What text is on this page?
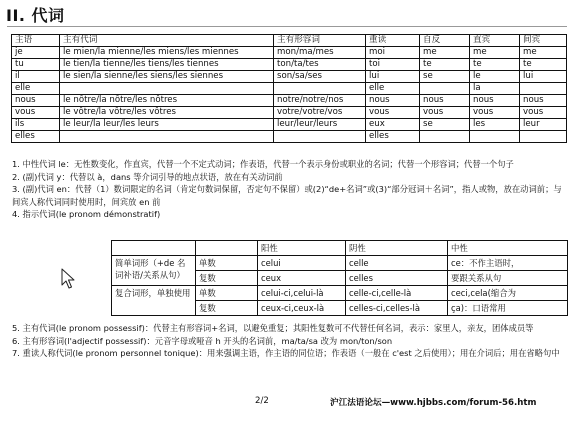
II. 代词
主语	主有代词	主有形容词	重读	自反	直宾	间宾
je	le mien/la mienne/les miens/les miennes	mon/ma/mes	moi	me	me	me
tu	le tien/la tienne/les tiens/les tiennes	ton/ta/tes	toi	te	te	te
il	le sien/la sienne/les siens/les siennes	son/sa/ses	lui	se	le	lui
elle			elle		la	
nous	le nôtre/la nôtre/les nôtres	notre/notre/nos	nous	nous	nous	nous
vous	le vôtre/la vôtre/les vôtres	votre/votre/vos	vous	vous	vous	vous
ils	le leur/la leur/les leurs	leur/leur/leurs	eux	se	les	leur
elles			elles			

1. 中性代词 le：无性数变化，作直宾，代替一个不定式动词；作表语，代替一个表示身份或职业的名词；代替一个形容词；代替一个句子

2. (副)代词 y：代替以 à，dans 等介词引导的地点状语，放在有关动词前

3. (副)代词 en：代替（1）数词限定的名词（肯定句数词保留，否定句不保留）或(2)“de+名词”或(3)“部分冠词＋名词”，指人或物，放在动词前；与间宾人称代词同时使用时，间宾放 en 前

4. 指示代词(le pronom démonstratif)

		阳性	阴性	中性
简单词形（+de 名词补语/关系从句）	单数	celui	celle	ce：不作主语时，
	复数	ceux	celles	要跟关系从句
复合词形，单独使用	单数	celui-ci,celui-là	celle-ci,celle-là	ceci,cela(缩合为
	复数	ceux-ci,ceux-là	celles-ci,celles-là	ça)：口语常用

5. 主有代词(le pronom possessif)：代替主有形容词+名词，以避免重复；其阳性复数可不代替任何名词，表示：家里人，亲友，团体成员等

6. 主有形容词(l'adjectif possessif)：元音字母或哑音 h 开头的名词前，ma/ta/sa 改为 mon/ton/son

7. 重读人称代词(le pronom personnel tonique)：用来强调主语，作主语的同位语；作表语（一般在 c'est 之后使用）；用在介词后；用在省略句中

2/2	沪江法语论坛—www.hjbbs.com/forum-56.htm
